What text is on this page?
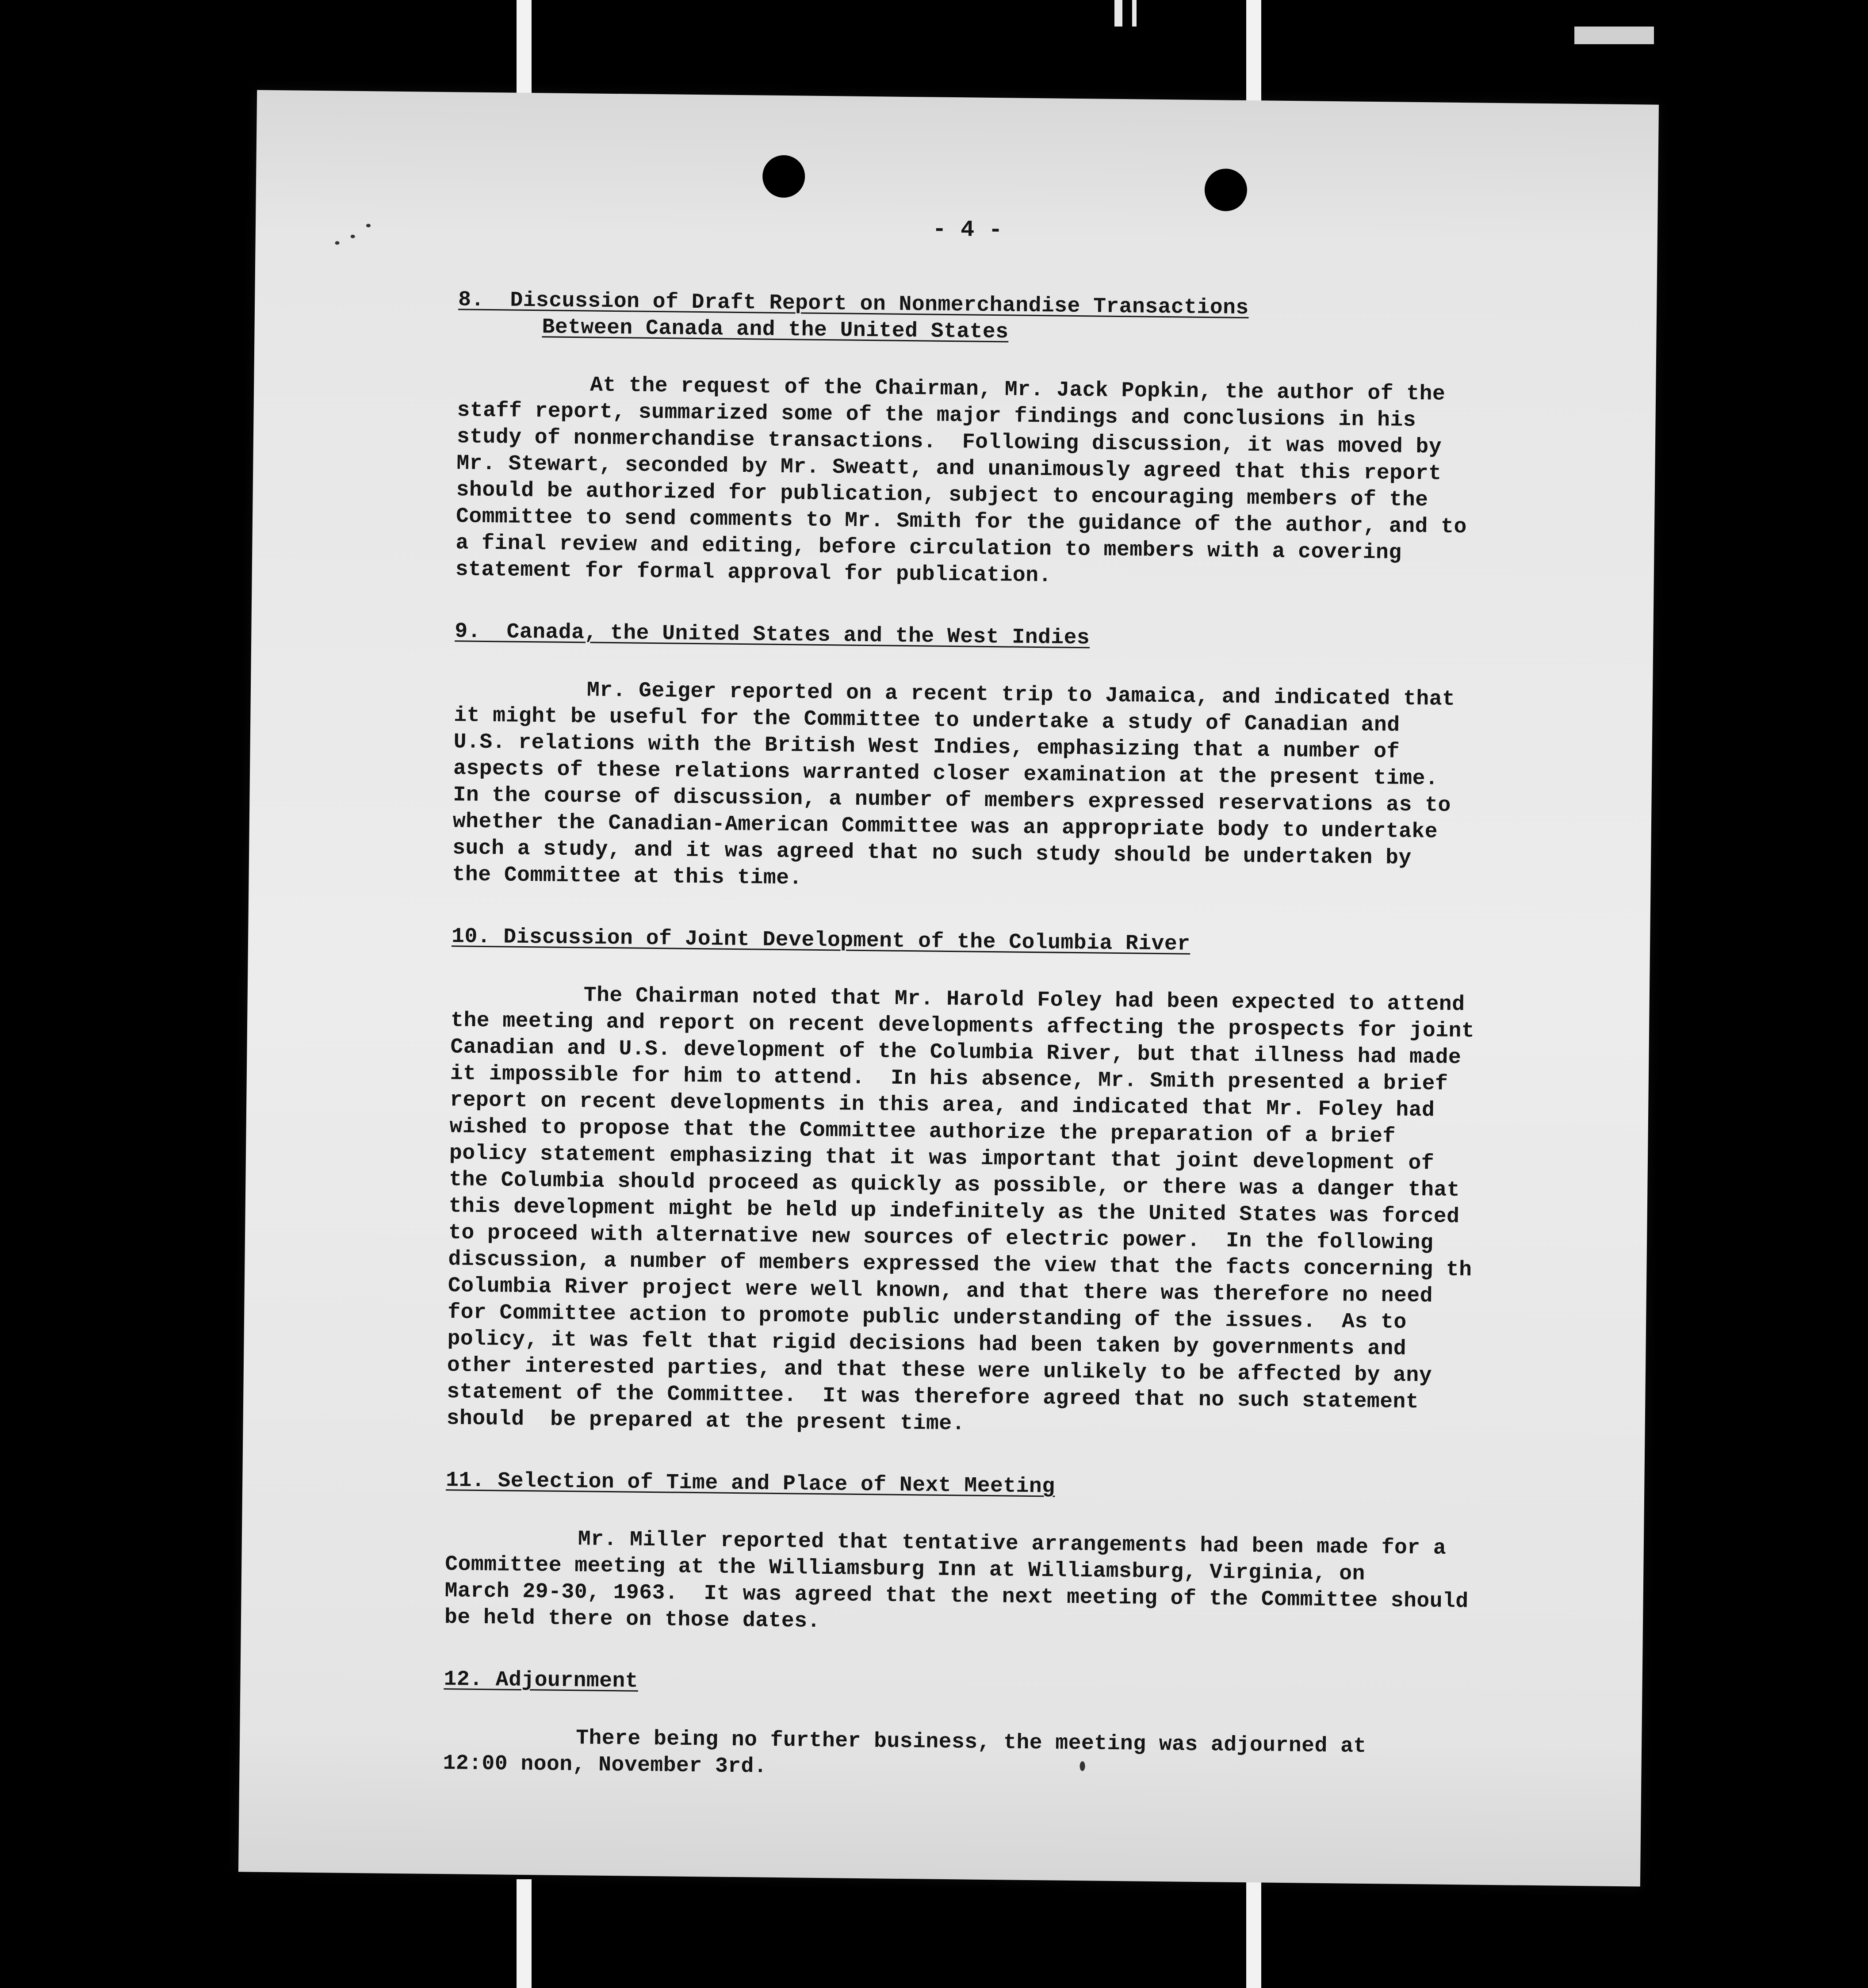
- 4 -
8.  Discussion of Draft Report on Nonmerchandise Transactions
Between Canada and the United States
At the request of the Chairman, Mr. Jack Popkin, the author of the
staff report, summarized some of the major findings and conclusions in his
study of nonmerchandise transactions.  Following discussion, it was moved by
Mr. Stewart, seconded by Mr. Sweatt, and unanimously agreed that this report
should be authorized for publication, subject to encouraging members of the
Committee to send comments to Mr. Smith for the guidance of the author, and to
a final review and editing, before circulation to members with a covering
statement for formal approval for publication.
9.  Canada, the United States and the West Indies
Mr. Geiger reported on a recent trip to Jamaica, and indicated that
it might be useful for the Committee to undertake a study of Canadian and
U.S. relations with the British West Indies, emphasizing that a number of
aspects of these relations warranted closer examination at the present time.
In the course of discussion, a number of members expressed reservations as to
whether the Canadian-American Committee was an appropriate body to undertake
such a study, and it was agreed that no such study should be undertaken by
the Committee at this time.
10. Discussion of Joint Development of the Columbia River
The Chairman noted that Mr. Harold Foley had been expected to attend
the meeting and report on recent developments affecting the prospects for joint
Canadian and U.S. development of the Columbia River, but that illness had made
it impossible for him to attend.  In his absence, Mr. Smith presented a brief
report on recent developments in this area, and indicated that Mr. Foley had
wished to propose that the Committee authorize the preparation of a brief
policy statement emphasizing that it was important that joint development of
the Columbia should proceed as quickly as possible, or there was a danger that
this development might be held up indefinitely as the United States was forced
to proceed with alternative new sources of electric power.  In the following
discussion, a number of members expressed the view that the facts concerning th
Columbia River project were well known, and that there was therefore no need
for Committee action to promote public understanding of the issues.  As to
policy, it was felt that rigid decisions had been taken by governments and
other interested parties, and that these were unlikely to be affected by any
statement of the Committee.  It was therefore agreed that no such statement
should  be prepared at the present time.
11. Selection of Time and Place of Next Meeting
Mr. Miller reported that tentative arrangements had been made for a
Committee meeting at the Williamsburg Inn at Williamsburg, Virginia, on
March 29-30, 1963.  It was agreed that the next meeting of the Committee should
be held there on those dates.
12. Adjournment
There being no further business, the meeting was adjourned at
12:00 noon, November 3rd.
